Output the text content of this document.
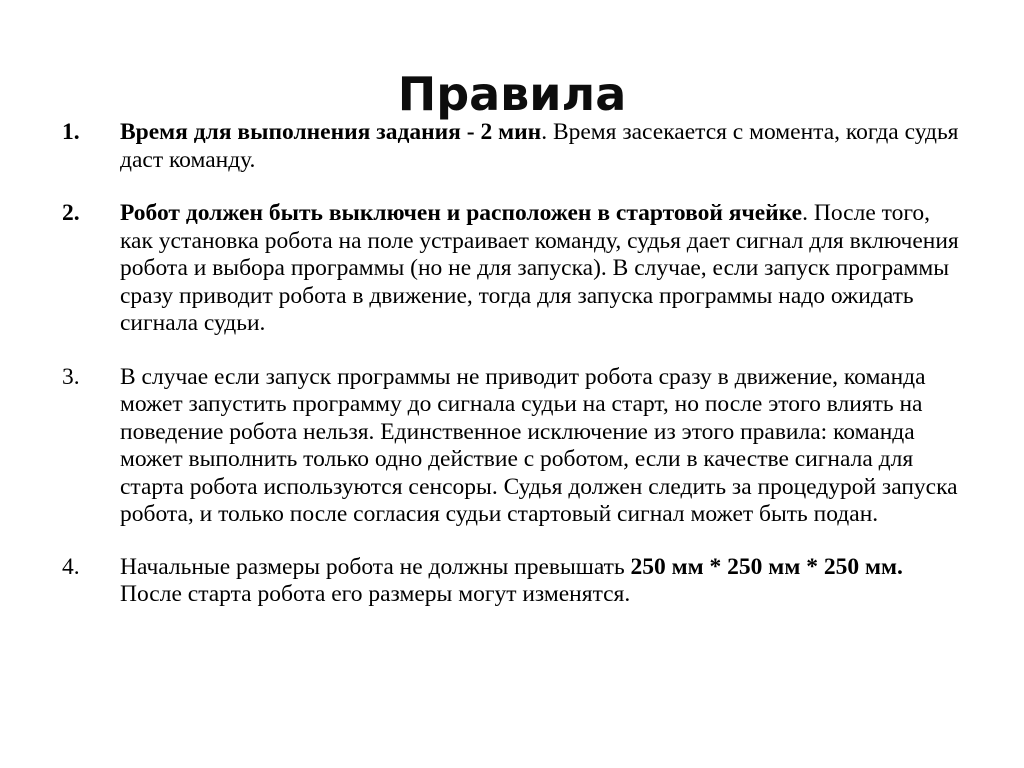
Правила
1.	Время для выполнения задания - 2 мин. Время засекается с момента, когда судья даст команду.
2.	Робот должен быть выключен и расположен в стартовой ячейке. После того, как установка робота на поле устраивает команду, судья дает сигнал для включения робота и выбора программы (но не для запуска). В случае, если запуск программы сразу приводит робота в движение, тогда для запуска программы надо ожидать сигнала судьи.
3.	В случае если запуск программы не приводит робота сразу в движение, команда может запустить программу до сигнала судьи на старт, но после этого влиять на поведение робота нельзя. Единственное исключение из этого правила: команда может выполнить только одно действие с роботом, если в качестве сигнала для старта робота используются сенсоры. Судья должен следить за процедурой запуска робота, и только после согласия судьи стартовый сигнал может быть подан.
4.	Начальные размеры робота не должны превышать 250 мм * 250 мм * 250 мм. После старта робота его размеры могут изменятся.
